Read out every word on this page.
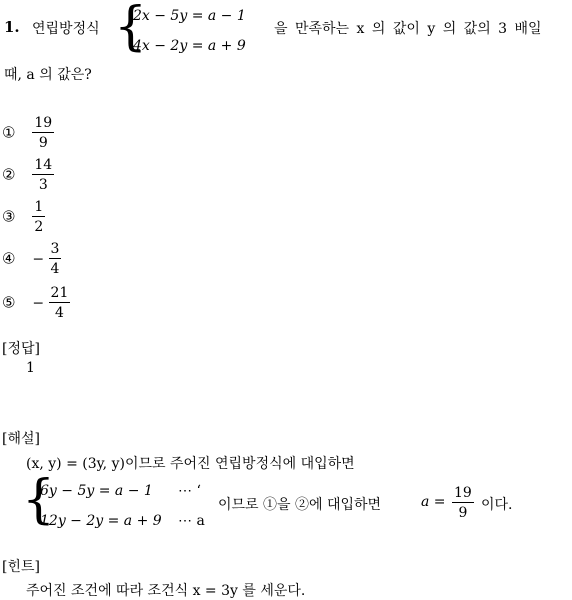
1. 연립방정식 {
2x − 5y = a − 1
4x − 2y = a + 9
을 만족하는 x 의 값이 y 의 값의 3 배일
때, a 의 값은?
① $\frac{19}{9}$
② $\frac{14}{3}$
③ $\frac{1}{2}$
④ − $\frac{3}{4}$
⑤ − $\frac{21}{4}$
[정답]
1
[해설]
(x, y) = (3y, y)이므로 주어진 연립방정식에 대입하면
{
6y − 5y = a − 1 ⋯ ‘
12y − 2y = a + 9 ⋯ a
이므로 ①을 ②에 대입하면	$a = \frac{19}{9}$ 이다.
[힌트]
주어진 조건에 따라 조건식 x = 3y 를 세운다.
